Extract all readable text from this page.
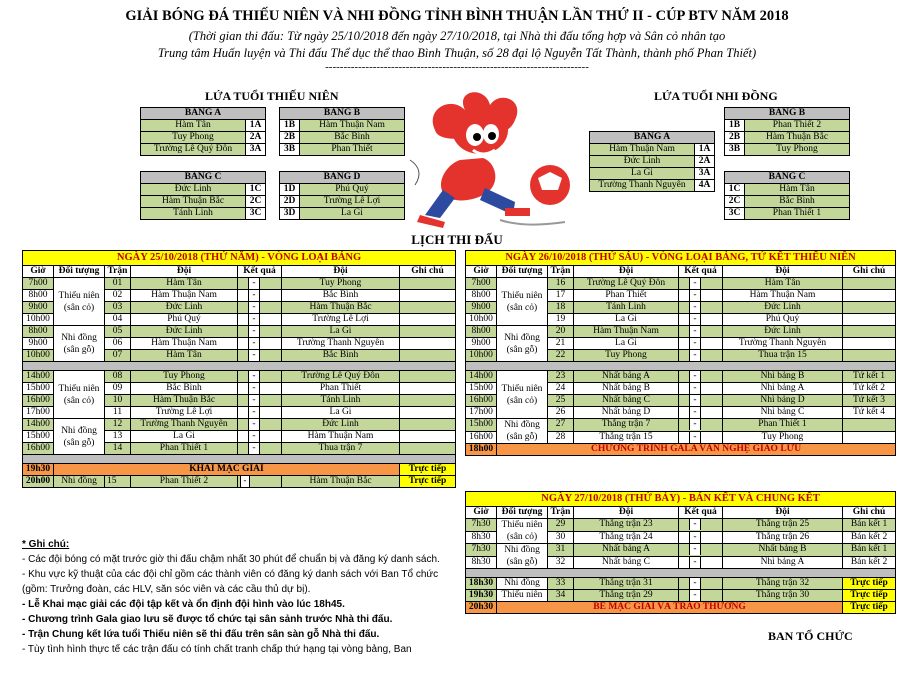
GIẢI BÓNG ĐÁ THIẾU NIÊN VÀ NHI ĐỒNG TỈNH BÌNH THUẬN LẦN THỨ II - CÚP BTV NĂM 2018
(Thời gian thi đấu: Từ ngày 25/10/2018 đến ngày 27/10/2018, tại Nhà thi đấu tổng hợp và Sân cỏ nhân tạo
Trung tâm Huấn luyện và Thi đấu Thể dục thể thao Bình Thuận, số 28 đại lộ Nguyễn Tất Thành, thành phố Phan Thiết)
------------------------------------------------------------------------
LỨA TUỔI THIẾU NIÊN	LỨA TUỔI NHI ĐỒNG
BẢNG A	
Hàm Tân	1A
Tuy Phong	2A
Trường Lê Quý Đôn	3A
BẢNG B	
1B	Hàm Thuận Nam
2B	Bắc Bình
3B	Phan Thiết
BẢNG C	
Đức Linh	1C
Hàm Thuận Bắc	2C
Tánh Linh	3C
BẢNG D	
1D	Phú Quý
2D	Trường Lê Lợi
3D	La Gi
BẢNG A	
Hàm Thuận Nam	1A
Đức Linh	2A
La Gi	3A
Trường Thanh Nguyên	4A
BẢNG B	
1B	Phan Thiết 2
2B	Hàm Thuận Bắc
3B	Tuy Phong
BẢNG C	
1C	Hàm Tân
2C	Bắc Bình
3C	Phan Thiết 1
LỊCH THI ĐẤU
NGÀY 25/10/2018 (THỨ NĂM) - VÒNG LOẠI BẢNG						
Giờ	Đối tượng	Trận	Đội	Kết quả	Đội	Ghi chú
7h00	Thiếu niên (sân cỏ)	01	Hàm Tân	-	Tuy Phong	
8h00		02	Hàm Thuận Nam	-	Bắc Bình	
9h00		03	Đức Linh	-	Hàm Thuận Bắc	
10h00		04	Phú Quý	-	Trường Lê Lợi	
8h00	Nhi đồng (sân gỗ)	05	Đức Linh	-	La Gi	
9h00		06	Hàm Thuận Nam	-	Trường Thanh Nguyên	
10h00		07	Hàm Tân	-	Bắc Bình	

14h00	Thiếu niên (sân cỏ)	08	Tuy Phong	-	Trường Lê Quý Đôn	
15h00		09	Bắc Bình	-	Phan Thiết	
16h00		10	Hàm Thuận Bắc	-	Tánh Linh	
17h00		11	Trường Lê Lợi	-	La Gi	
14h00	Nhi đồng (sân gỗ)	12	Trường Thanh Nguyên	-	Đức Linh	
15h00		13	La Gi	-	Hàm Thuận Nam	
16h00		14	Phan Thiết 1	-	Thua trận 7	

19h30	KHAI MẠC GIẢI					Trực tiếp
20h00	Nhi đồng	15	Phan Thiết 2	-	Hàm Thuận Bắc	Trực tiếp
NGÀY 26/10/2018 (THỨ SÁU) - VÒNG LOẠI BẢNG, TỨ KẾT THIẾU NIÊN						
Giờ	Đối tượng	Trận	Đội	Kết quả	Đội	Ghi chú
7h00	Thiếu niên (sân cỏ)	16	Trường Lê Quý Đôn	-	Hàm Tân	
8h00		17	Phan Thiết	-	Hàm Thuận Nam	
9h00		18	Tánh Linh	-	Đức Linh	
10h00		19	La Gi	-	Phú Quý	
8h00	Nhi đồng (sân gỗ)	20	Hàm Thuận Nam	-	Đức Linh	
9h00		21	La Gi	-	Trường Thanh Nguyên	
10h00		22	Tuy Phong	-	Thua trận 15	

14h00	Thiếu niên (sân cỏ)	23	Nhất bảng A	-	Nhì bảng B	Tứ kết 1
15h00		24	Nhất bảng B	-	Nhì bảng A	Tứ kết 2
16h00		25	Nhất bảng C	-	Nhì bảng D	Tứ kết 3
17h00		26	Nhất bảng D	-	Nhì bảng C	Tứ kết 4
15h00	Nhi đồng (sân gỗ)	27	Thắng trận 7	-	Phan Thiết 1	
16h00		28	Thắng trận 15	-	Tuy Phong	
18h00	CHƯƠNG TRÌNH GALA VĂN NGHỆ GIAO LƯU					
NGÀY 27/10/2018 (THỨ BẢY) - BÁN KẾT VÀ CHUNG KẾT						
Giờ	Đối tượng	Trận	Đội	Kết quả	Đội	Ghi chú
7h30	Thiếu niên (sân cỏ)	29	Thắng trận 23	-	Thắng trận 25	Bán kết 1
8h30		30	Thắng trận 24	-	Thắng trận 26	Bán kết 2
7h30	Nhi đồng (sân gỗ)	31	Nhất bảng A	-	Nhất bảng B	Bán kết 1
8h30		32	Nhất bảng C	-	Nhì bảng A	Bán kết 2

18h30	Nhi đồng	33	Thắng trận 31	-	Thắng trận 32	Trực tiếp
19h30	Thiếu niên	34	Thắng trận 29	-	Thắng trận 30	Trực tiếp
20h30	BẾ MẠC GIẢI VÀ TRAO THƯỞNG					Trực tiếp

* Ghi chú:

- Các đội bóng có mặt trước giờ thi đấu chậm nhất 30 phút để chuẩn bị và đăng ký danh sách.

- Khu vực kỹ thuật của các đội chỉ gồm các thành viên có đăng ký danh sách với Ban Tổ chức (gồm: Trưởng đoàn, các HLV, săn sóc viên và các cầu thủ dự bị).

- Lễ Khai mạc giải các đội tập kết và ổn định đội hình vào lúc 18h45.

- Chương trình Gala giao lưu sẽ được tổ chức tại sân sảnh trước Nhà thi đấu.

- Trận Chung kết lứa tuổi Thiếu niên sẽ thi đấu trên sân sàn gỗ Nhà thi đấu.

- Tùy tình hình thực tế các trận đấu có tính chất tranh chấp thứ hạng tại vòng bảng, Ban

BAN TỔ CHỨC
